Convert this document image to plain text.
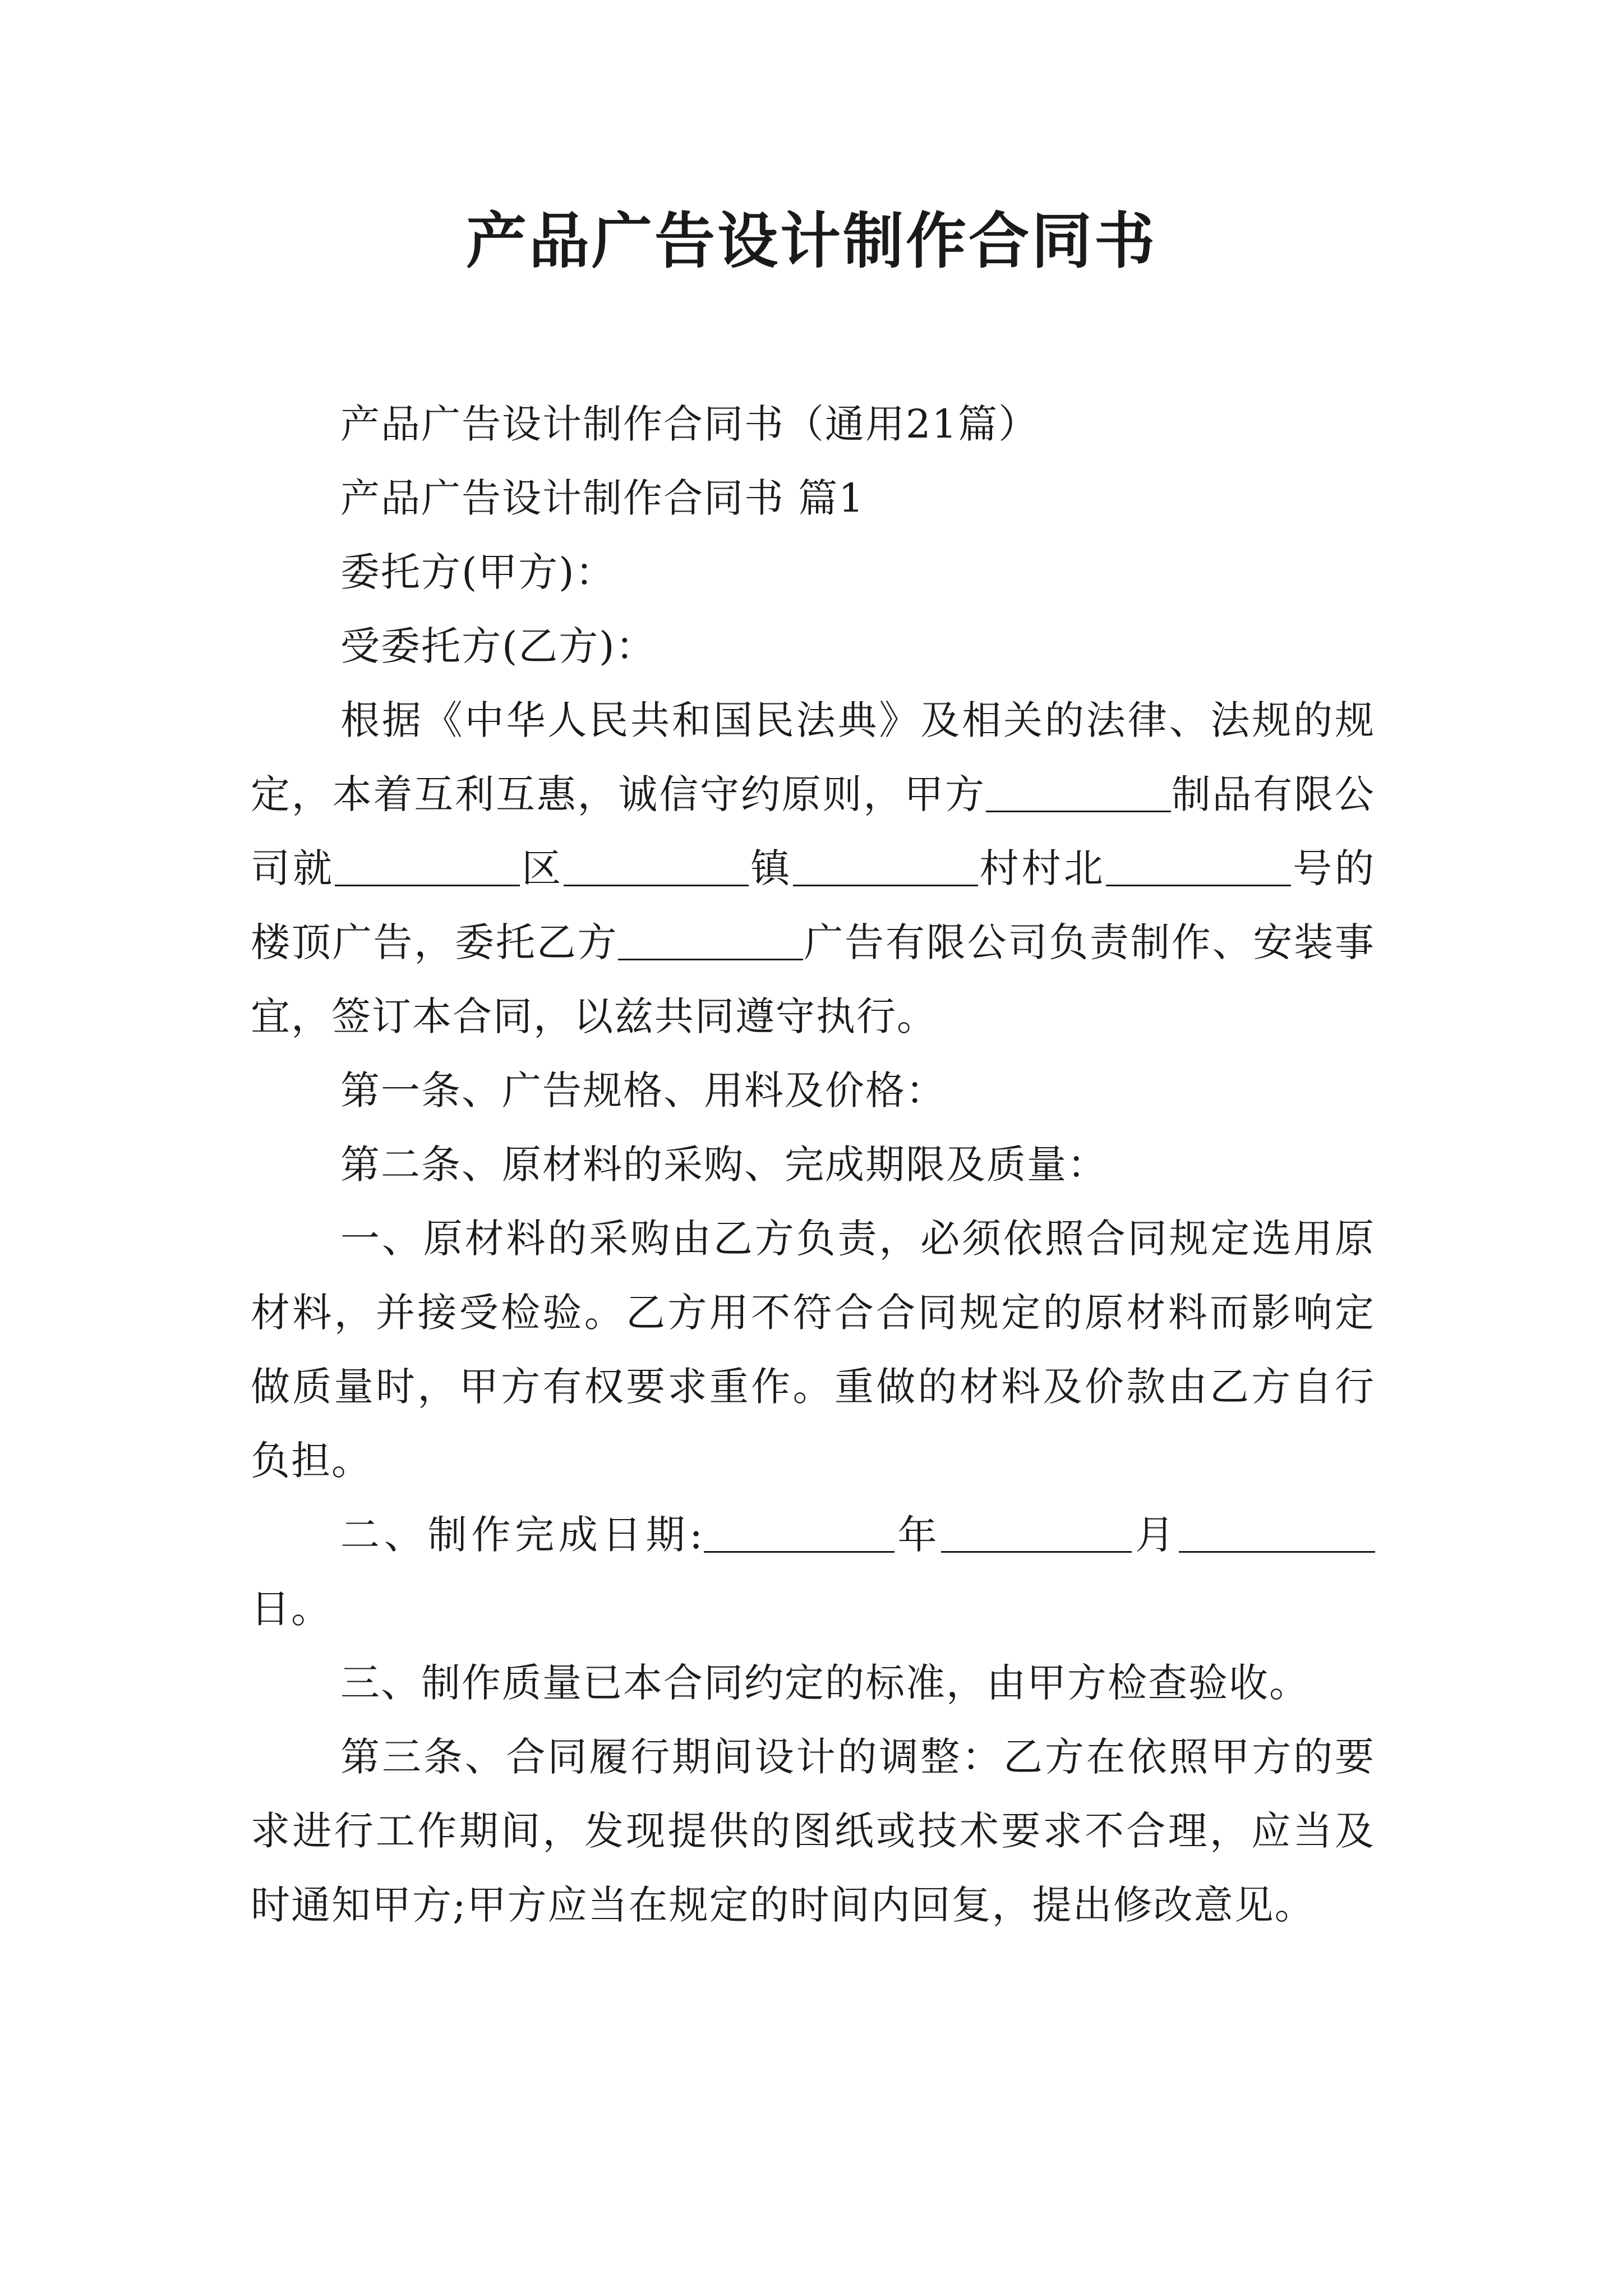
产品广告设计制作合同书

产品广告设计制作合同书（通用21篇）

产品广告设计制作合同书 篇1

委托方(甲方)：

受委托方(乙方)：

根据《中华人民共和国民法典》及相关的法律、法规的规定，本着互利互惠，诚信守约原则，甲方	制品有限公司就	区	镇	村村北	号的楼顶广告，委托乙方	广告有限公司负责制作、安装事宜，签订本合同，以兹共同遵守执行。

第一条、广告规格、用料及价格：

第二条、原材料的采购、完成期限及质量：

一、原材料的采购由乙方负责，必须依照合同规定选用原材料，并接受检验。乙方用不符合合同规定的原材料而影响定做质量时，甲方有权要求重作。重做的材料及价款由乙方自行负担。

二、制作完成日期:	年	月日。

三、制作质量已本合同约定的标准，由甲方检查验收。

第三条、合同履行期间设计的调整：乙方在依照甲方的要求进行工作期间，发现提供的图纸或技术要求不合理，应当及时通知甲方;甲方应当在规定的时间内回复，提出修改意见。
